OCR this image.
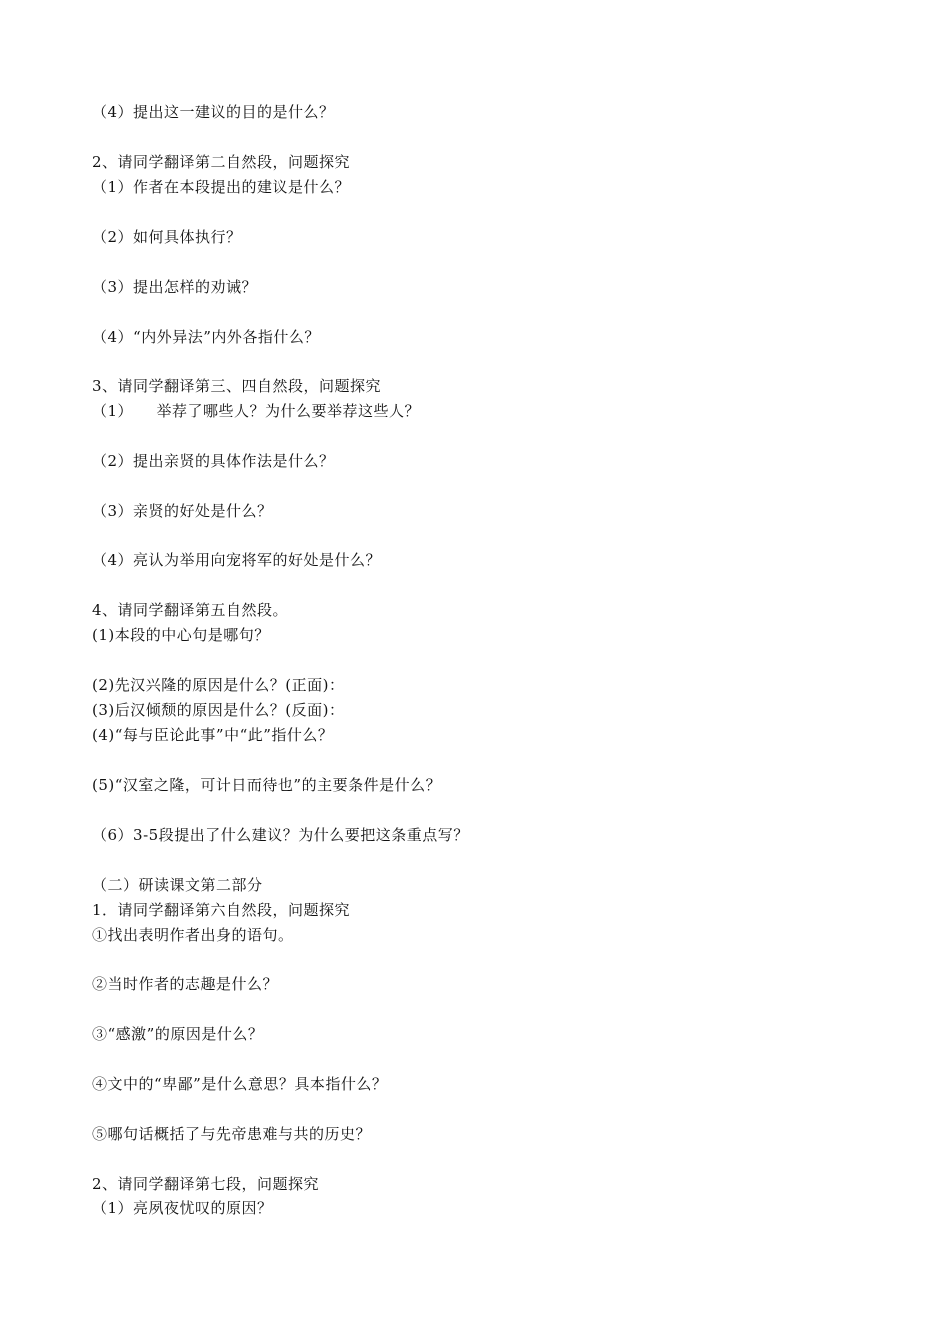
（4）提出这一建议的目的是什么？
2、请同学翻译第二自然段，问题探究
（1）作者在本段提出的建议是什么？
（2）如何具体执行？
（3）提出怎样的劝诫？
（4）“内外异法”内外各指什么？
3、请同学翻译第三、四自然段，问题探究
（1）　　举荐了哪些人？为什么要举荐这些人？
（2）提出亲贤的具体作法是什么？
（3）亲贤的好处是什么？
（4）亮认为举用向宠将军的好处是什么？
4、请同学翻译第五自然段。
(1)本段的中心句是哪句？
(2)先汉兴隆的原因是什么？(正面)：
(3)后汉倾颓的原因是什么？(反面)：
(4)“每与臣论此事”中“此”指什么？
(5)“汉室之隆，可计日而待也”的主要条件是什么？
（6）3-5段提出了什么建议？为什么要把这条重点写？
（二）研读课文第二部分
1．请同学翻译第六自然段，问题探究
①找出表明作者出身的语句。
②当时作者的志趣是什么？
③“感激”的原因是什么？
④文中的“卑鄙”是什么意思？具本指什么？
⑤哪句话概括了与先帝患难与共的历史？
2、请同学翻译第七段，问题探究
（1）亮夙夜忧叹的原因？
